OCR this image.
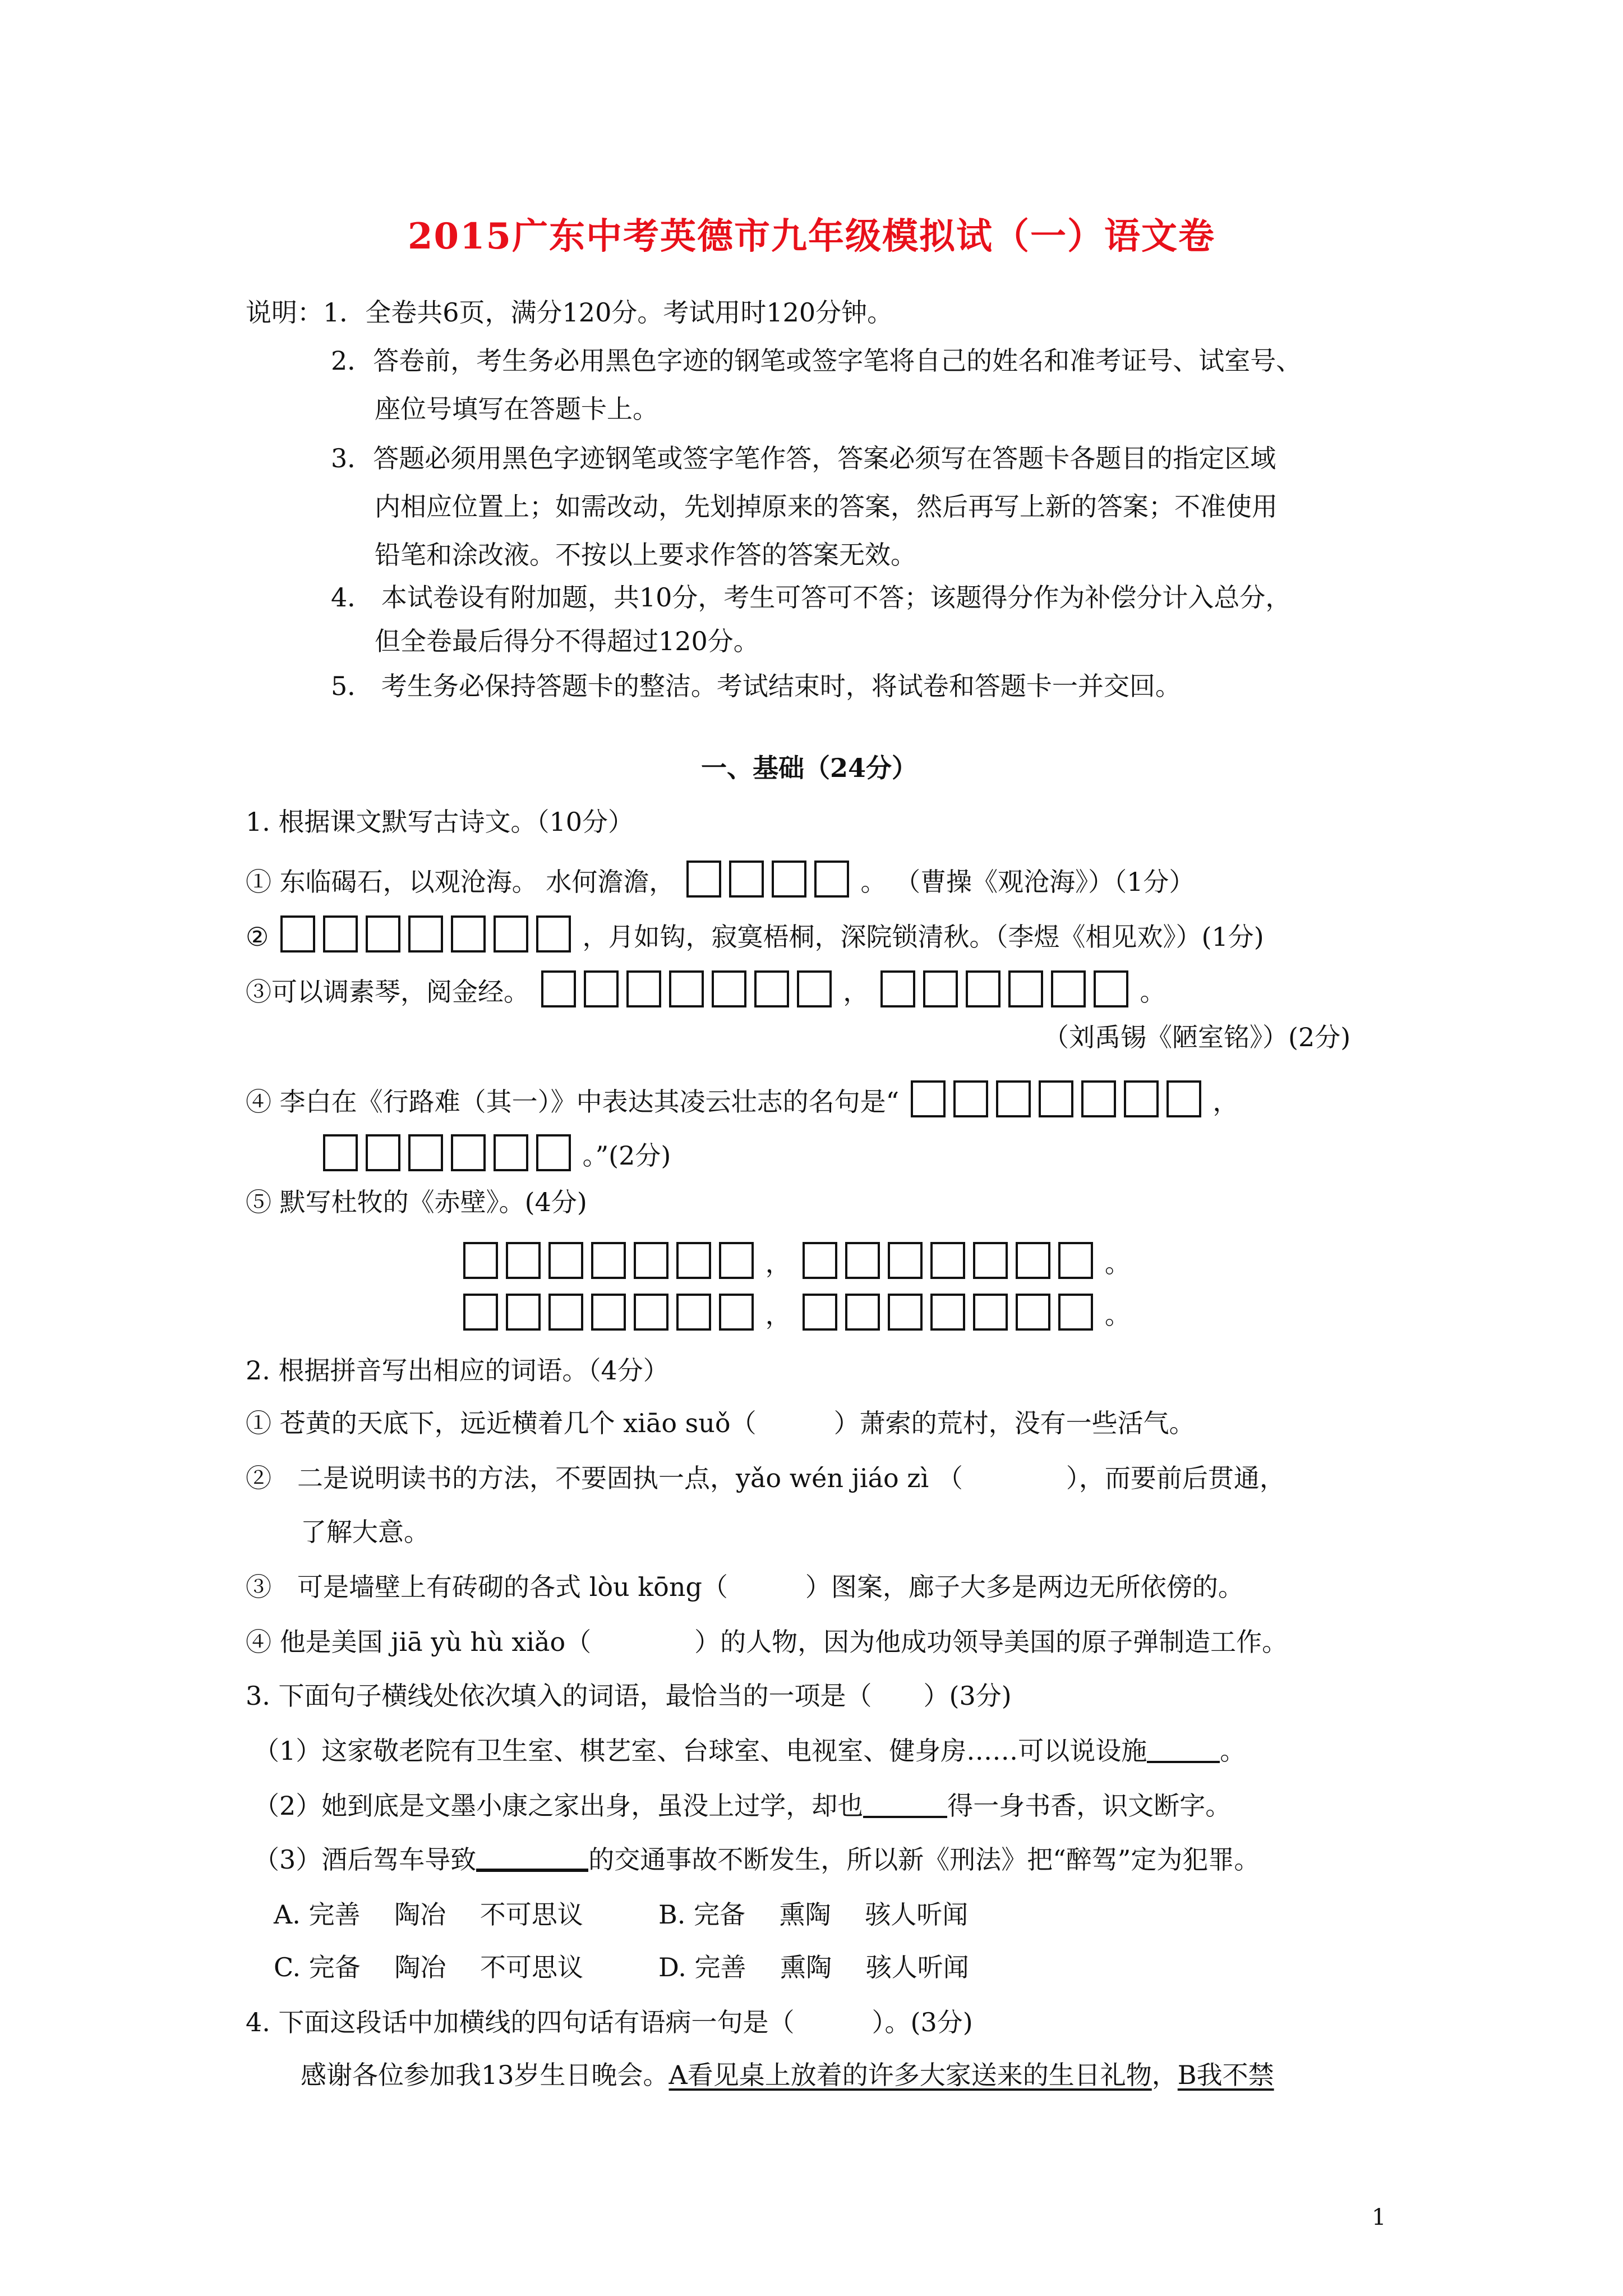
2015广东中考英德市九年级模拟试（一）语文卷
说明：1．全卷共6页，满分120分。考试用时120分钟。
2．答卷前，考生务必用黑色字迹的钢笔或签字笔将自己的姓名和准考证号、试室号、
座位号填写在答题卡上。
3．答题必须用黑色字迹钢笔或签字笔作答，答案必须写在答题卡各题目的指定区域
内相应位置上；如需改动，先划掉原来的答案，然后再写上新的答案；不准使用
铅笔和涂改液。不按以上要求作答的答案无效。
4． 本试卷设有附加题，共10分，考生可答可不答；该题得分作为补偿分计入总分，
但全卷最后得分不得超过120分。
5． 考生务必保持答题卡的整洁。考试结束时，将试卷和答题卡一并交回。
一、基础（24分）
1. 根据课文默写古诗文。（10分）
① 东临碣石，以观沧海。 水何澹澹，	。 （曹操《观沧海》）（1分）
②	，月如钩，寂寞梧桐，深院锁清秋。（李煜《相见欢》）(1分)
③可以调素琴，阅金经。	，	。
（刘禹锡《陋室铭》）(2分)
④ 李白在《行路难（其一）》中表达其凌云壮志的名句是“	，
。”(2分)
⑤ 默写杜牧的《赤壁》。(4分)
，	。
，	。
2. 根据拼音写出相应的词语。（4分）
① 苍黄的天底下，远近横着几个 xiāo suǒ（　　　）萧索的荒村，没有一些活气。
②　二是说明读书的方法，不要固执一点，yǎo wén jiáo zì （　　　　），而要前后贯通，
了解大意。
③　可是墙壁上有砖砌的各式 lòu kōng（　　　）图案，廊子大多是两边无所依傍的。
④ 他是美国 jiā yù hù xiǎo（　　　　）的人物，因为他成功领导美国的原子弹制造工作。
3. 下面句子横线处依次填入的词语，最恰当的一项是（　　）(3分)
（1）这家敬老院有卫生室、棋艺室、台球室、电视室、健身房……可以说设施	。
（2）她到底是文墨小康之家出身，虽没上过学，却也	得一身书香，识文断字。
（3）酒后驾车导致	的交通事故不断发生，所以新《刑法》把“醉驾”定为犯罪。
A. 完善　 陶冶　 不可思议	B. 完备　 熏陶　 骇人听闻
C. 完备　 陶冶　 不可思议	D. 完善　 熏陶　 骇人听闻
4. 下面这段话中加横线的四句话有语病一句是（　　　）。(3分)
感谢各位参加我13岁生日晚会。A看见桌上放着的许多大家送来的生日礼物，B我不禁
1
